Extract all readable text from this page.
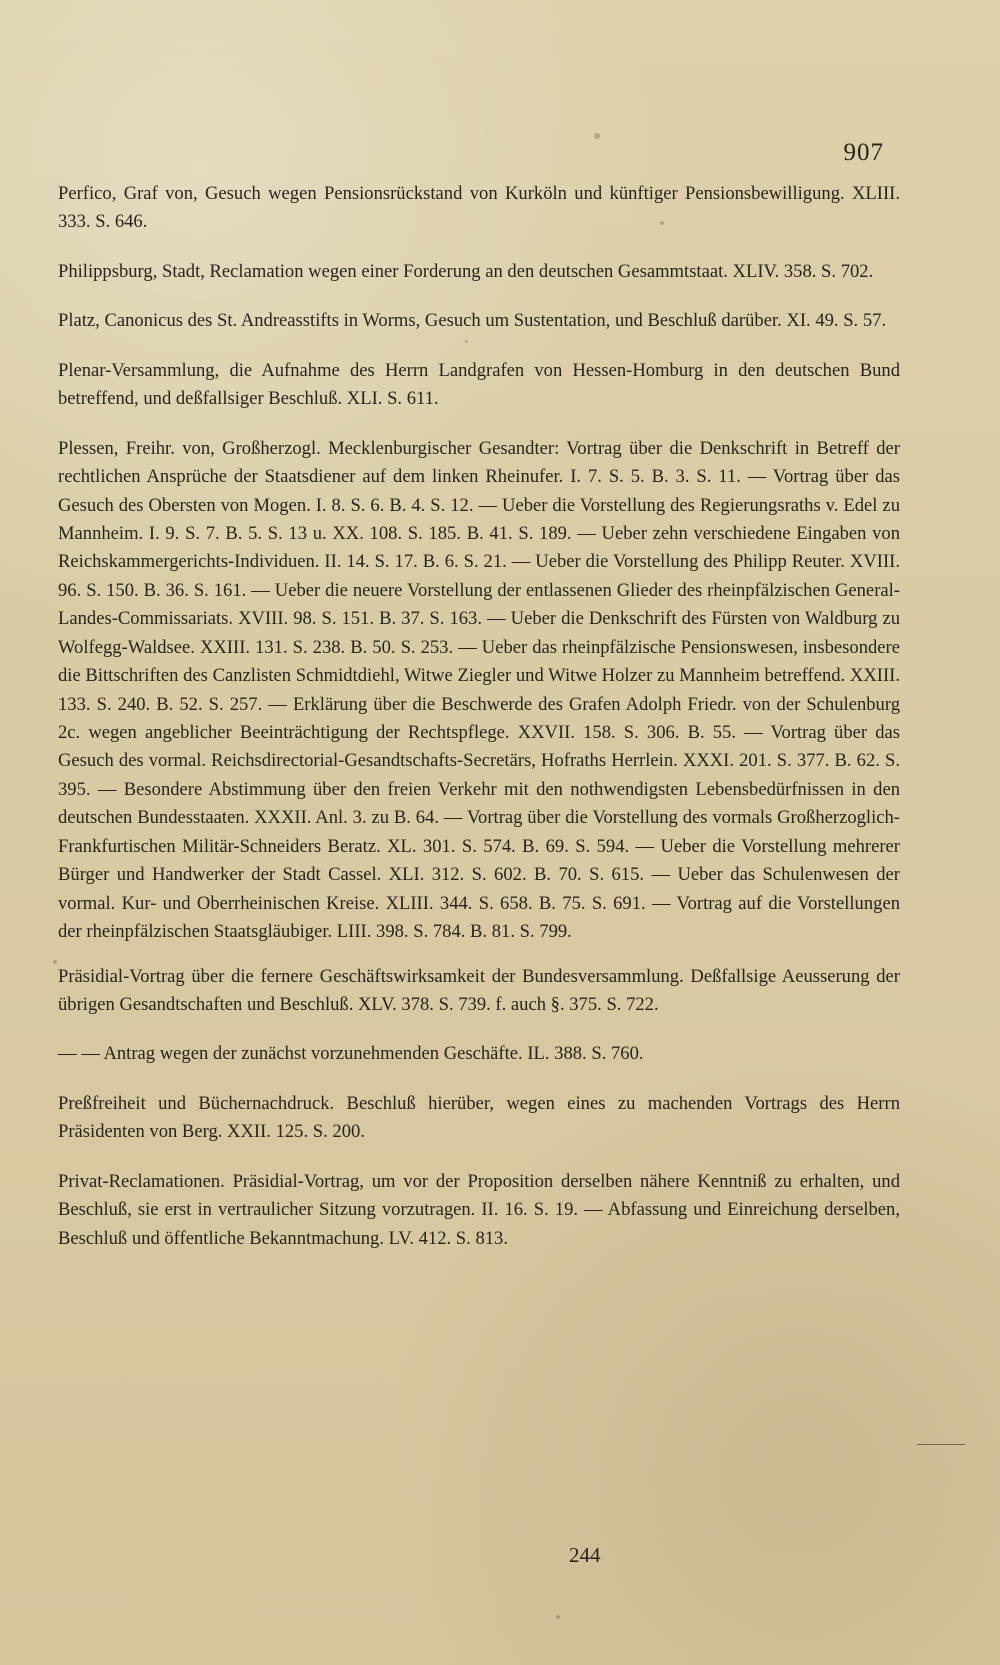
907

Perfico, Graf von, Gesuch wegen Pensionsrückstand von Kurköln und künftiger Pensionsbewilligung. XLIII. 333. S. 646.

Philippsburg, Stadt, Reclamation wegen einer Forderung an den deutschen Gesammtstaat. XLIV. 358. S. 702.

Platz, Canonicus des St. Andreasstifts in Worms, Gesuch um Sustentation, und Beschluß darüber. XI. 49. S. 57.

Plenar-Versammlung, die Aufnahme des Herrn Landgrafen von Hessen-Homburg in den deutschen Bund betreffend, und deßfallsiger Beschluß. XLI. S. 611.

Plessen, Freihr. von, Großherzogl. Mecklenburgischer Gesandter: Vortrag über die Denkschrift in Betreff der rechtlichen Ansprüche der Staatsdiener auf dem linken Rheinufer. I. 7. S. 5. B. 3. S. 11. — Vortrag über das Gesuch des Obersten von Mogen. I. 8. S. 6. B. 4. S. 12. — Ueber die Vorstellung des Regierungsraths v. Edel zu Mannheim. I. 9. S. 7. B. 5. S. 13 u. XX. 108. S. 185. B. 41. S. 189. — Ueber zehn verschiedene Eingaben von Reichskammergerichts-Individuen. II. 14. S. 17. B. 6. S. 21. — Ueber die Vorstellung des Philipp Reuter. XVIII. 96. S. 150. B. 36. S. 161. — Ueber die neuere Vorstellung der entlassenen Glieder des rheinpfälzischen General-Landes-Commissariats. XVIII. 98. S. 151. B. 37. S. 163. — Ueber die Denkschrift des Fürsten von Waldburg zu Wolfegg-Waldsee. XXIII. 131. S. 238. B. 50. S. 253. — Ueber das rheinpfälzische Pensionswesen, insbesondere die Bittschriften des Canzlisten Schmidtdiehl, Witwe Ziegler und Witwe Holzer zu Mannheim betreffend. XXIII. 133. S. 240. B. 52. S. 257. — Erklärung über die Beschwerde des Grafen Adolph Friedr. von der Schulenburg 2c. wegen angeblicher Beeinträchtigung der Rechtspflege. XXVII. 158. S. 306. B. 55. — Vortrag über das Gesuch des vormal. Reichsdirectorial-Gesandtschafts-Secretärs, Hofraths Herrlein. XXXI. 201. S. 377. B. 62. S. 395. — Besondere Abstimmung über den freien Verkehr mit den nothwendigsten Lebensbedürfnissen in den deutschen Bundesstaaten. XXXII. Anl. 3. zu B. 64. — Vortrag über die Vorstellung des vormals Großherzoglich-Frankfurtischen Militär-Schneiders Beratz. XL. 301. S. 574. B. 69. S. 594. — Ueber die Vorstellung mehrerer Bürger und Handwerker der Stadt Cassel. XLI. 312. S. 602. B. 70. S. 615. — Ueber das Schulenwesen der vormal. Kur- und Oberrheinischen Kreise. XLIII. 344. S. 658. B. 75. S. 691. — Vortrag auf die Vorstellungen der rheinpfälzischen Staatsgläubiger. LIII. 398. S. 784. B. 81. S. 799.

Präsidial-Vortrag über die fernere Geschäftswirksamkeit der Bundesversammlung. Deßfallsige Aeusserung der übrigen Gesandtschaften und Beschluß. XLV. 378. S. 739. f. auch §. 375. S. 722.

— — Antrag wegen der zunächst vorzunehmenden Geschäfte. IL. 388. S. 760.

Preßfreiheit und Büchernachdruck. Beschluß hierüber, wegen eines zu machenden Vortrags des Herrn Präsidenten von Berg. XXII. 125. S. 200.

Privat-Reclamationen. Präsidial-Vortrag, um vor der Proposition derselben nähere Kenntniß zu erhalten, und Beschluß, sie erst in vertraulicher Sitzung vorzutragen. II. 16. S. 19. — Abfassung und Einreichung derselben, Beschluß und öffentliche Bekanntmachung. LV. 412. S. 813.

244
